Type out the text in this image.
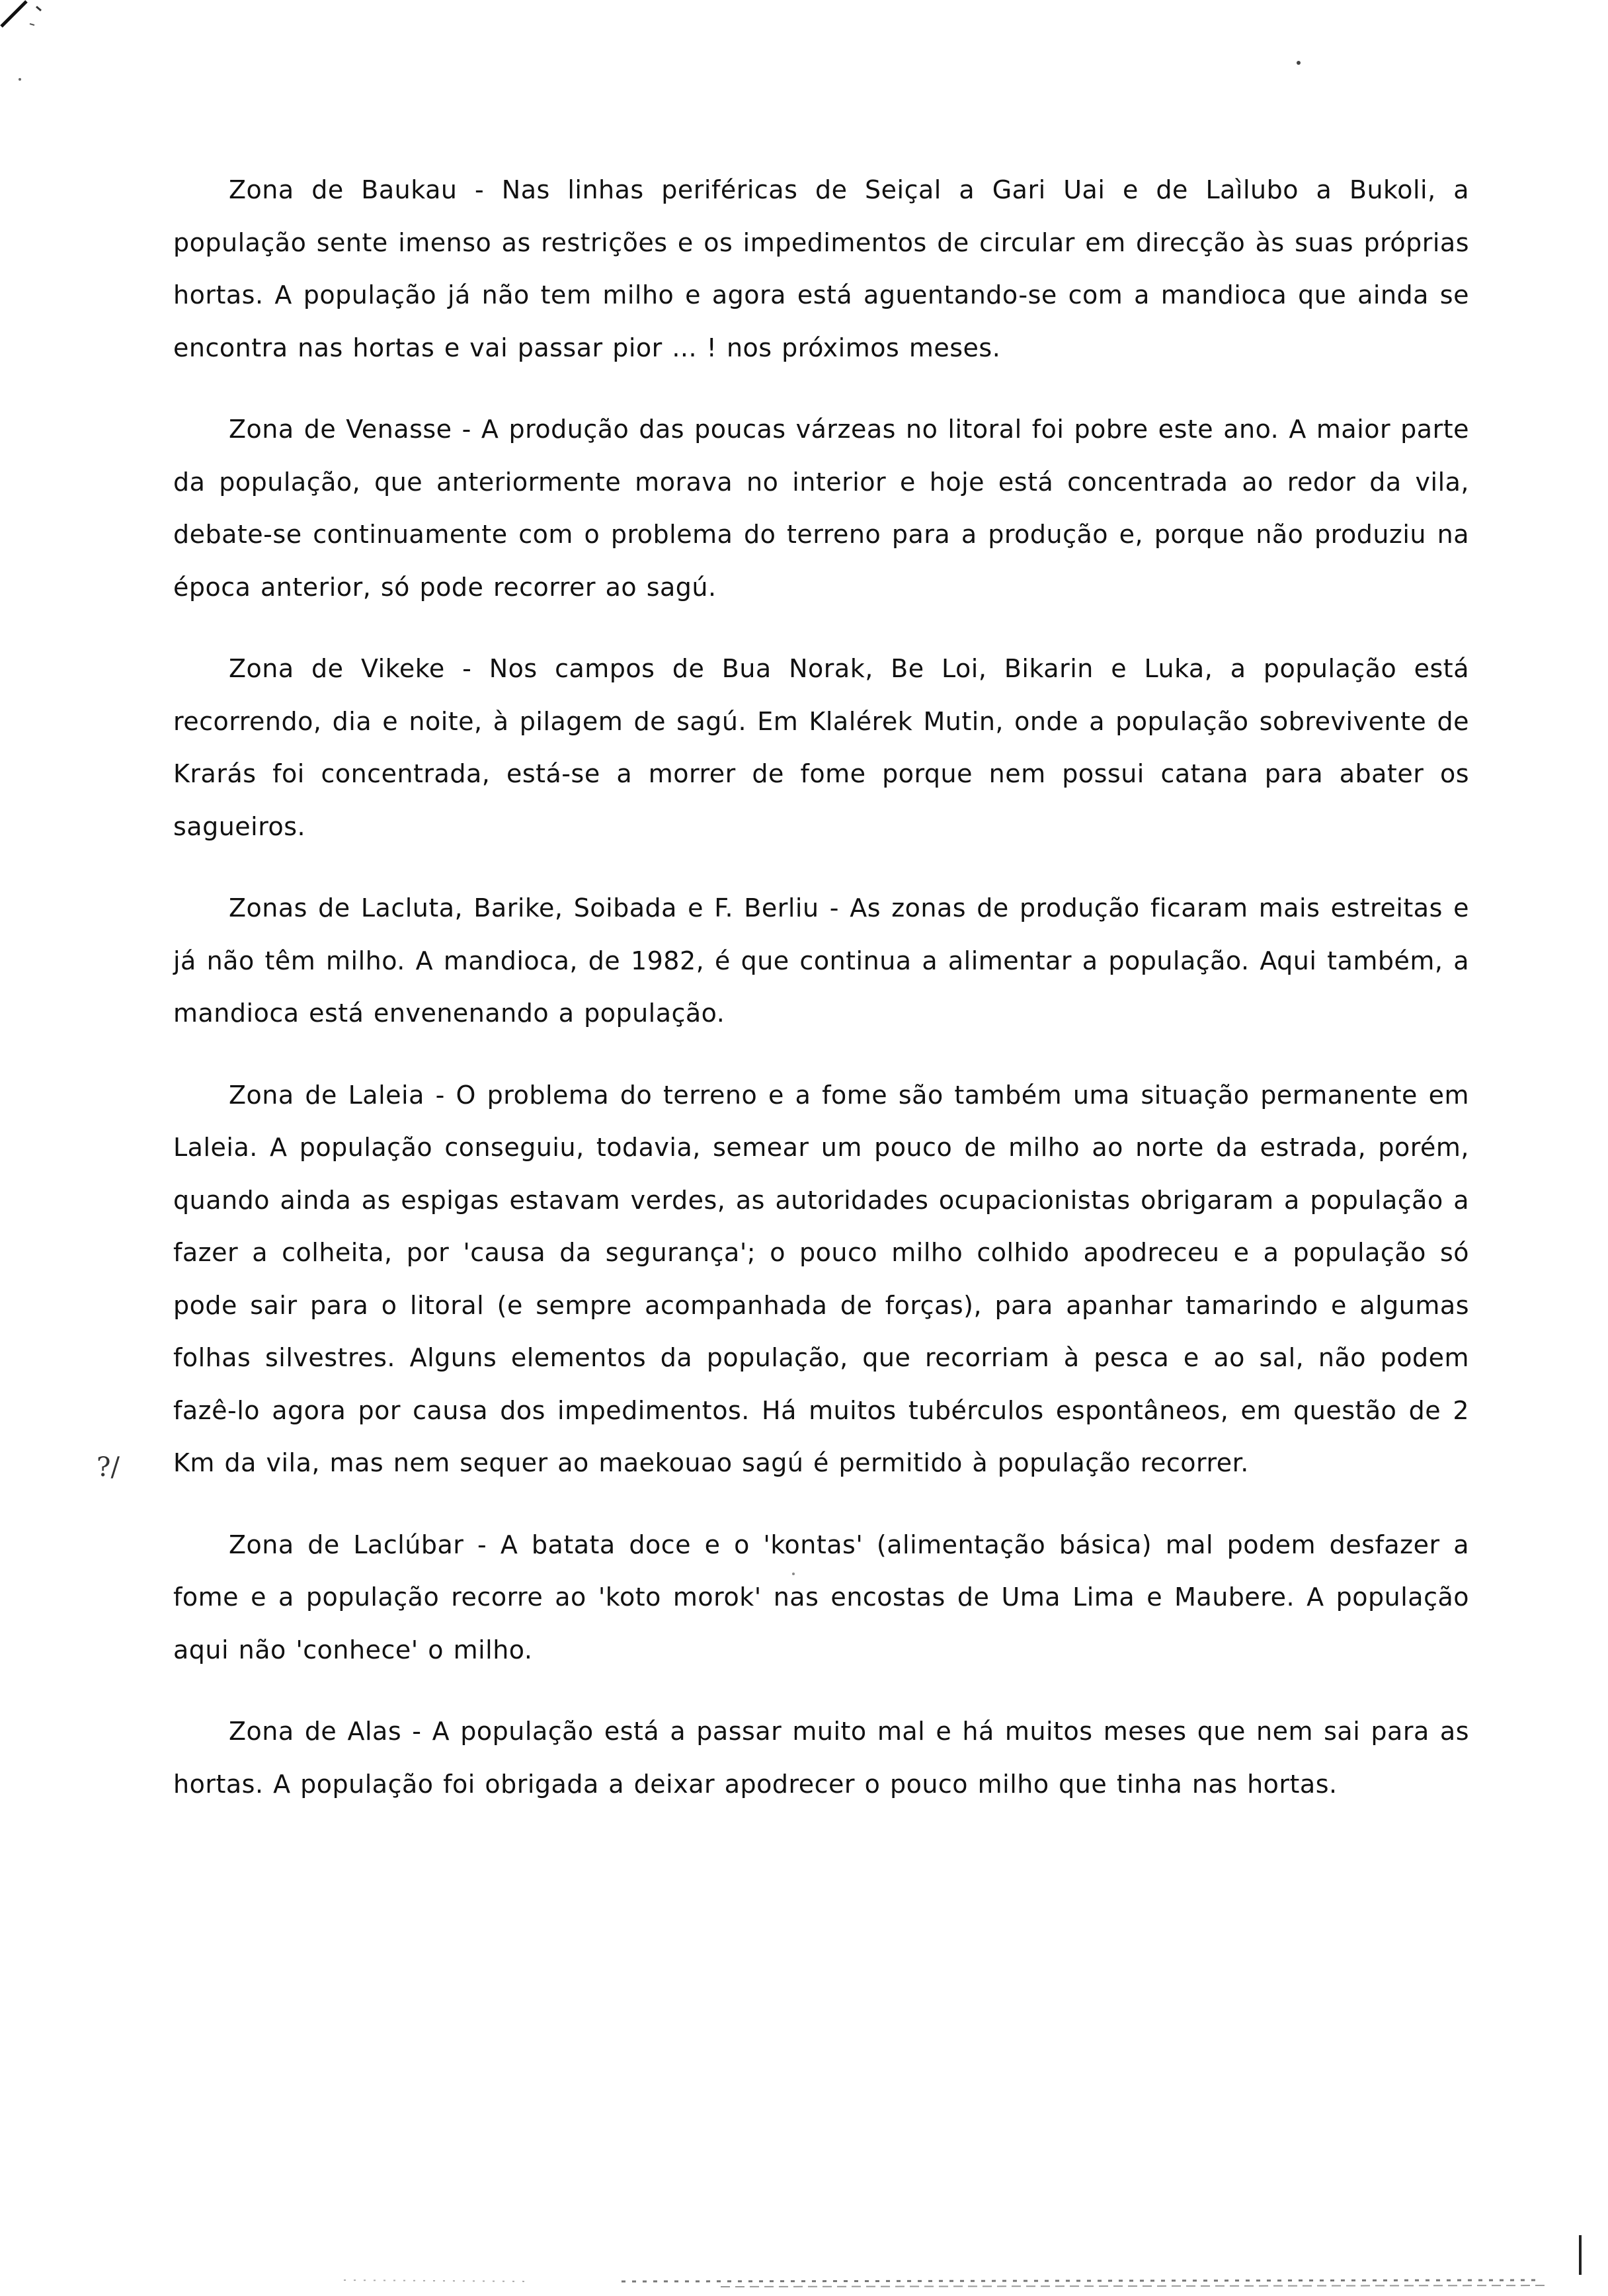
Zona de Baukau - Nas linhas periféricas de Seiçal a Gari Uai e de Laìlubo a Bukoli, a população sente imenso as restrições e os impedimentos de circular em direcção às suas próprias hortas. A população já não tem milho e agora está aguentando-se com a mandioca que ainda se encontra nas hortas e vai passar pior ... ! nos próximos meses.

Zona de Venasse - A produção das poucas várzeas no litoral foi pobre este ano. A maior parte da população, que anteriormente morava no interior e hoje está concentrada ao redor da vila, debate-se continuamente com o problema do terreno para a produção e, porque não produziu na época anterior, só pode recorrer ao sagú.

Zona de Vikeke - Nos campos de Bua Norak, Be Loi, Bikarin e Luka, a população está recorrendo, dia e noite, à pilagem de sagú. Em Klalérek Mutin, onde a população sobrevivente de Krarás foi concentrada, está-se a morrer de fome porque nem possui catana para abater os sagueiros.

Zonas de Lacluta, Barike, Soibada e F. Berliu - As zonas de produção ficaram mais estreitas e já não têm milho. A mandioca, de 1982, é que continua a alimentar a população. Aqui também, a mandioca está envenenando a população.

Zona de Laleia - O problema do terreno e a fome são também uma situação permanente em Laleia. A população conseguiu, todavia, semear um pouco de milho ao norte da estrada, porém, quando ainda as espigas estavam verdes, as autoridades ocupacionistas obrigaram a população a fazer a colheita, por 'causa da segurança'; o pouco milho colhido apodreceu e a população só pode sair para o litoral (e sempre acompanhada de forças), para apanhar tamarindo e algumas folhas silvestres. Alguns elementos da população, que recorriam à pesca e ao sal, não podem fazê-lo agora por causa dos impedimentos. Há muitos tubérculos espontâneos, em questão de 2 Km da vila, mas nem sequer ao maekouao sagú é permitido à população recorrer.

Zona de Laclúbar - A batata doce e o 'kontas' (alimentação básica) mal podem desfazer a fome e a população recorre ao 'koto morok' nas encostas de Uma Lima e Maubere. A população aqui não 'conhece' o milho.

Zona de Alas - A população está a passar muito mal e há muitos meses que nem sai para as hortas. A população foi obrigada a deixar apodrecer o pouco milho que tinha nas hortas.

?/
